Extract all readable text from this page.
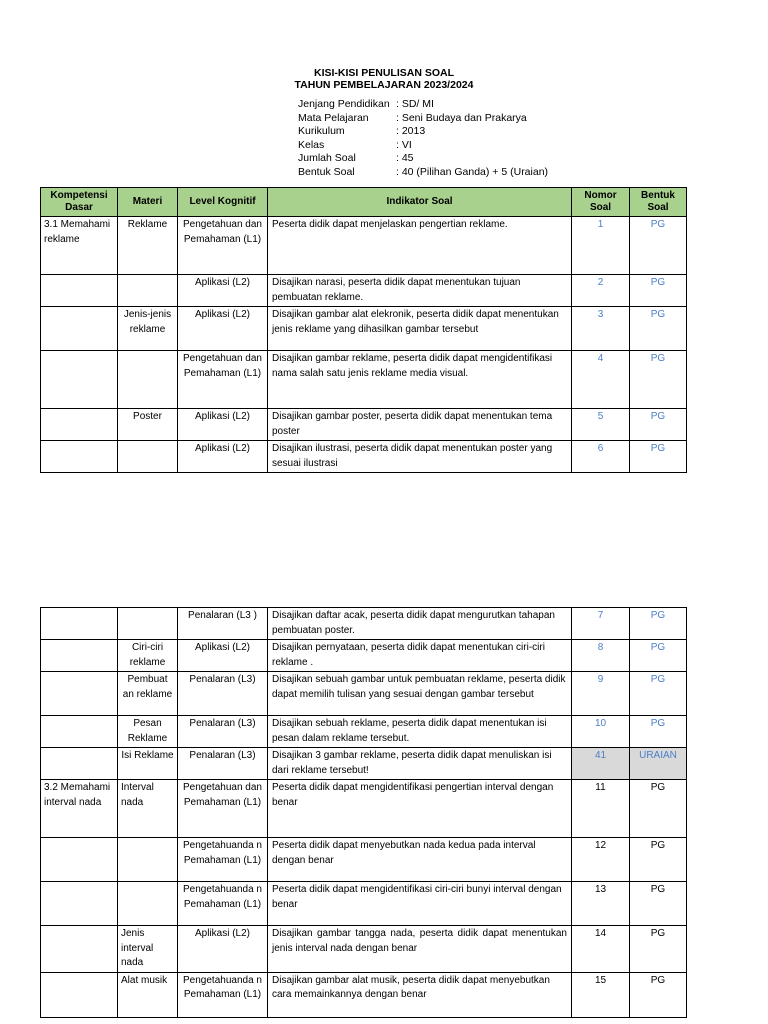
KISI-KISI PENULISAN SOAL
TAHUN PEMBELAJARAN 2023/2024
Jenjang Pendidikan : SD/ MI
Mata Pelajaran	: Seni Budaya dan Prakarya
Kurikulum	: 2013
Kelas	: VI
Jumlah Soal	: 45
Bentuk Soal	: 40 (Pilihan Ganda) + 5 (Uraian)
Kompetensi Dasar	Materi	Level Kognitif	Indikator Soal	Nomor Soal	Bentuk Soal
3.1 Memahami reklame	Reklame	Pengetahuan dan Pemahaman (L1)	Peserta didik dapat menjelaskan pengertian reklame.	1	PG
		Aplikasi (L2)	Disajikan narasi, peserta didik dapat menentukan tujuan pembuatan reklame.	2	PG
	Jenis-jenis reklame	Aplikasi (L2)	Disajikan gambar alat elekronik, peserta didik dapat menentukan jenis reklame yang dihasilkan gambar tersebut	3	PG
		Pengetahuan dan Pemahaman (L1)	Disajikan gambar reklame, peserta didik dapat mengidentifikasi nama salah satu jenis reklame media visual.	4	PG
	Poster	Aplikasi (L2)	Disajikan gambar poster, peserta didik dapat menentukan tema poster	5	PG
		Aplikasi (L2)	Disajikan ilustrasi, peserta didik dapat menentukan poster yang sesuai ilustrasi	6	PG
		Penalaran (L3 )	Disajikan daftar acak, peserta didik dapat mengurutkan tahapan pembuatan poster.	7	PG
	Ciri-ciri reklame	Aplikasi (L2)	Disajikan pernyataan, peserta didik dapat menentukan ciri-ciri reklame .	8	PG
	Pembuat an reklame	Penalaran (L3)	Disajikan sebuah gambar untuk pembuatan reklame, peserta didik dapat memilih tulisan yang sesuai dengan gambar tersebut	9	PG
	Pesan Reklame	Penalaran (L3)	Disajikan sebuah reklame, peserta didik dapat menentukan isi pesan dalam reklame tersebut.	10	PG
	Isi Reklame	Penalaran (L3)	Disajikan 3 gambar reklame, peserta didik dapat menuliskan isi dari reklame tersebut!	41	URAIAN
3.2 Memahami interval nada	Interval nada	Pengetahuan dan Pemahaman (L1)	Peserta didik dapat mengidentifikasi pengertian interval dengan benar	11	PG
		Pengetahuanda n Pemahaman (L1)	Peserta didik dapat menyebutkan nada kedua pada interval dengan benar	12	PG
		Pengetahuanda n Pemahaman (L1)	Peserta didik dapat mengidentifikasi ciri-ciri bunyi interval dengan benar	13	PG
	Jenis interval nada	Aplikasi (L2)	Disajikan gambar tangga nada, peserta didik dapat menentukan jenis interval nada dengan benar	14	PG
	Alat musik	Pengetahuanda n Pemahaman (L1)	Disajikan gambar alat musik, peserta didik dapat menyebutkan cara memainkannya dengan benar	15	PG
